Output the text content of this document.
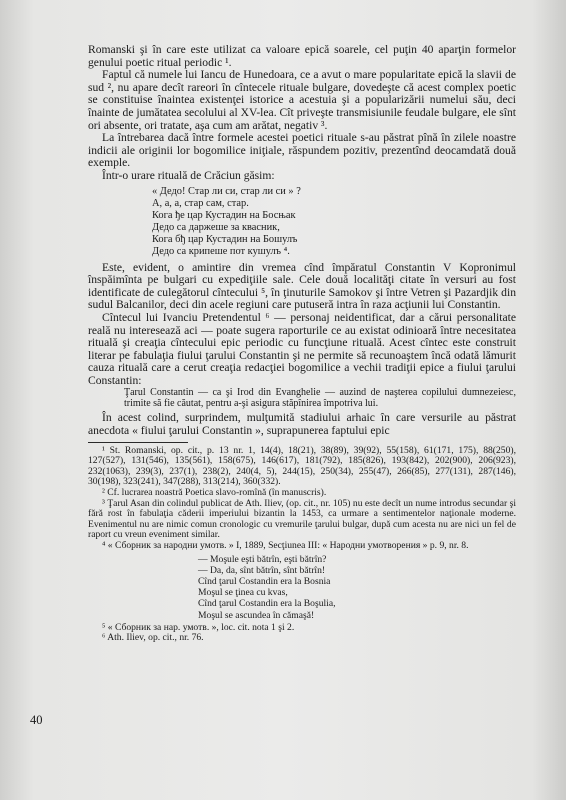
Romanski şi în care este utilizat ca valoare epică soarele, cel puţin 40 aparţin formelor genului poetic ritual periodic ¹.

Faptul că numele lui Iancu de Hunedoara, ce a avut o mare popularitate epică la slavii de sud ², nu apare decît rareori în cîntecele rituale bulgare, dovedeşte că acest complex poetic se constituise înaintea existenţei istorice a acestuia şi a popularizării numelui său, deci înainte de jumătatea secolului al XV-lea. Cît priveşte transmisiunile feudale bulgare, ele sînt ori absente, ori tratate, aşa cum am arătat, negativ ³.

La întrebarea dacă între formele acestei poetici rituale s-au păstrat pînă în zilele noastre indicii ale originii lor bogomilice iniţiale, răspundem pozitiv, prezentînd deocamdată două exemple.

Într-o urare rituală de Crăciun găsim:

« Дедо! Стар ли си, стар ли си » ?
А, а, а, стар сам, стар.
Кога ђе цар Кустадин на Босњак
Дедо са даржеше за квасник,
Кога бђ цар Кустадин на Бошулъ
Дедо са крипеше пот кушулъ ⁴.

Este, evident, o amintire din vremea cînd împăratul Constantin V Kopronimul înspăimînta pe bulgari cu expediţiile sale. Cele două localităţi citate în versuri au fost identificate de culegătorul cîntecului ⁵, în ţinuturile Samokov şi între Vetren şi Pazardjik din sudul Balcanilor, deci din acele regiuni care putuseră intra în raza acţiunii lui Constantin.

Cîntecul lui Ivanciu Pretendentul ⁶ — personaj neidentificat, dar a cărui personalitate reală nu interesează aci — poate sugera raporturile ce au existat odinioară între necesitatea rituală şi creaţia cîntecului epic periodic cu funcţiune rituală. Acest cîntec este construit literar pe fabulaţia fiului ţarului Constantin şi ne permite să recunoaştem încă odată lămurit cauza rituală care a cerut creaţia redacţiei bogomilice a vechii tradiţii epice a fiului ţarului Constantin:

Ţarul Constantin — ca şi Irod din Evanghelie — auzind de naşterea copilului dumnezeiesc, trimite să fie căutat, pentru a-şi asigura stăpînirea împotriva lui.

În acest colind, surprindem, mulţumită stadiului arhaic în care versurile au păstrat anecdota « fiului ţarului Constantin », suprapunerea faptului epic

¹ St. Romanski, op. cit., p. 13 nr. 1, 14(4), 18(21), 38(89), 39(92), 55(158), 61(171, 175), 88(250), 127(527), 131(546), 135(561), 158(675), 146(617), 181(792), 185(826), 193(842), 202(900), 206(923), 232(1063), 239(3), 237(1), 238(2), 240(4, 5), 244(15), 250(34), 255(47), 266(85), 277(131), 287(146), 30(198), 323(241), 347(288), 313(214), 360(332).

² Cf. lucrarea noastră Poetica slavo-romînă (în manuscris).

³ Ţarul Asan din colindul publicat de Ath. Iliev, (op. cit., nr. 105) nu este decît un nume introdus secundar şi fără rost în fabulaţia căderii imperiului bizantin la 1453, ca urmare a sentimentelor naţionale moderne. Evenimentul nu are nimic comun cronologic cu vremurile ţarului bulgar, după cum acesta nu are nici un fel de raport cu vreun eveniment similar.

⁴ « Сборник за народни умотв. » I, 1889, Secţiunea III: « Народни умотворения » p. 9, nr. 8.

— Moşule eşti bătrîn, eşti bătrîn?
— Da, da, sînt bătrîn, sînt bătrîn!
Cînd ţarul Costandin era la Bosnia
Moşul se ţinea cu kvas,
Cînd ţarul Costandin era la Boşulia,
Moşul se ascundea în cămaşă!

⁵ « Сборник за нар. умотв. », loc. cit. nota 1 şi 2.

⁶ Ath. Iliev, op. cit., nr. 76.

40
